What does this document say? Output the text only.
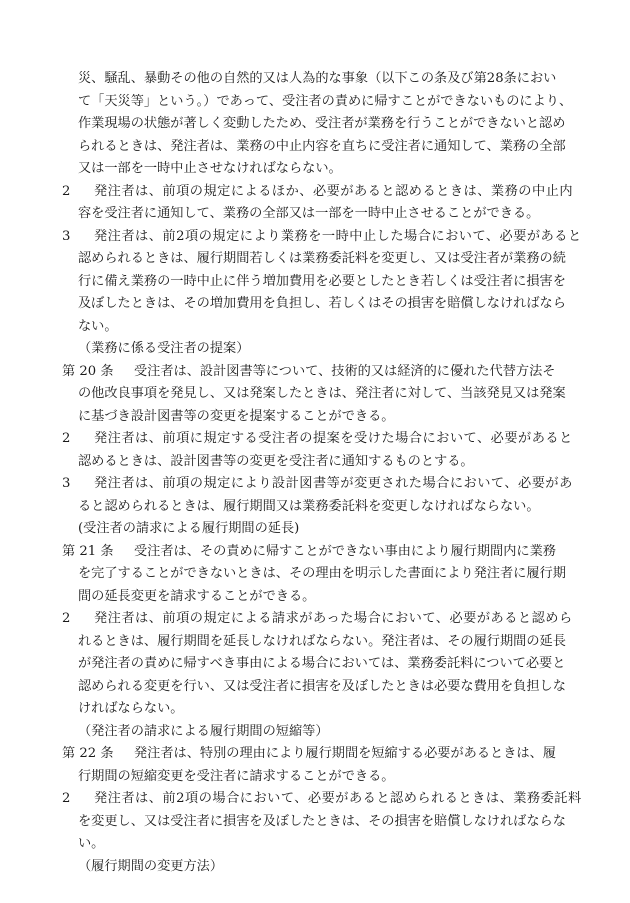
災、騒乱、暴動その他の自然的又は人為的な事象（以下この条及び第28条におい
て「天災等」という。）であって、受注者の責めに帰すことができないものにより、
作業現場の状態が著しく変動したため、受注者が業務を行うことができないと認め
られるときは、発注者は、業務の中止内容を直ちに受注者に通知して、業務の全部
又は一部を一時中止させなければならない。
2 発注者は、前項の規定によるほか、必要があると認めるときは、業務の中止内
容を受注者に通知して、業務の全部又は一部を一時中止させることができる。
3 発注者は、前2項の規定により業務を一時中止した場合において、必要があると
認められるときは、履行期間若しくは業務委託料を変更し、又は受注者が業務の続
行に備え業務の一時中止に伴う増加費用を必要としたとき若しくは受注者に損害を
及ぼしたときは、その増加費用を負担し、若しくはその損害を賠償しなければなら
ない。
（業務に係る受注者の提案）
第 20 条 受注者は、設計図書等について、技術的又は経済的に優れた代替方法そ
の他改良事項を発見し、又は発案したときは、発注者に対して、当該発見又は発案
に基づき設計図書等の変更を提案することができる。
2 発注者は、前項に規定する受注者の提案を受けた場合において、必要があると
認めるときは、設計図書等の変更を受注者に通知するものとする。
3 発注者は、前項の規定により設計図書等が変更された場合において、必要があ
ると認められるときは、履行期間又は業務委託料を変更しなければならない。
(受注者の請求による履行期間の延長)
第 21 条 受注者は、その責めに帰すことができない事由により履行期間内に業務
を完了することができないときは、その理由を明示した書面により発注者に履行期
間の延長変更を請求することができる。
2 発注者は、前項の規定による請求があった場合において、必要があると認めら
れるときは、履行期間を延長しなければならない。発注者は、その履行期間の延長
が発注者の責めに帰すべき事由による場合においては、業務委託料について必要と
認められる変更を行い、又は受注者に損害を及ぼしたときは必要な費用を負担しな
ければならない。
（発注者の請求による履行期間の短縮等）
第 22 条 発注者は、特別の理由により履行期間を短縮する必要があるときは、履
行期間の短縮変更を受注者に請求することができる。
2 発注者は、前2項の場合において、必要があると認められるときは、業務委託料
を変更し、又は受注者に損害を及ぼしたときは、その損害を賠償しなければならな
い。
（履行期間の変更方法）
